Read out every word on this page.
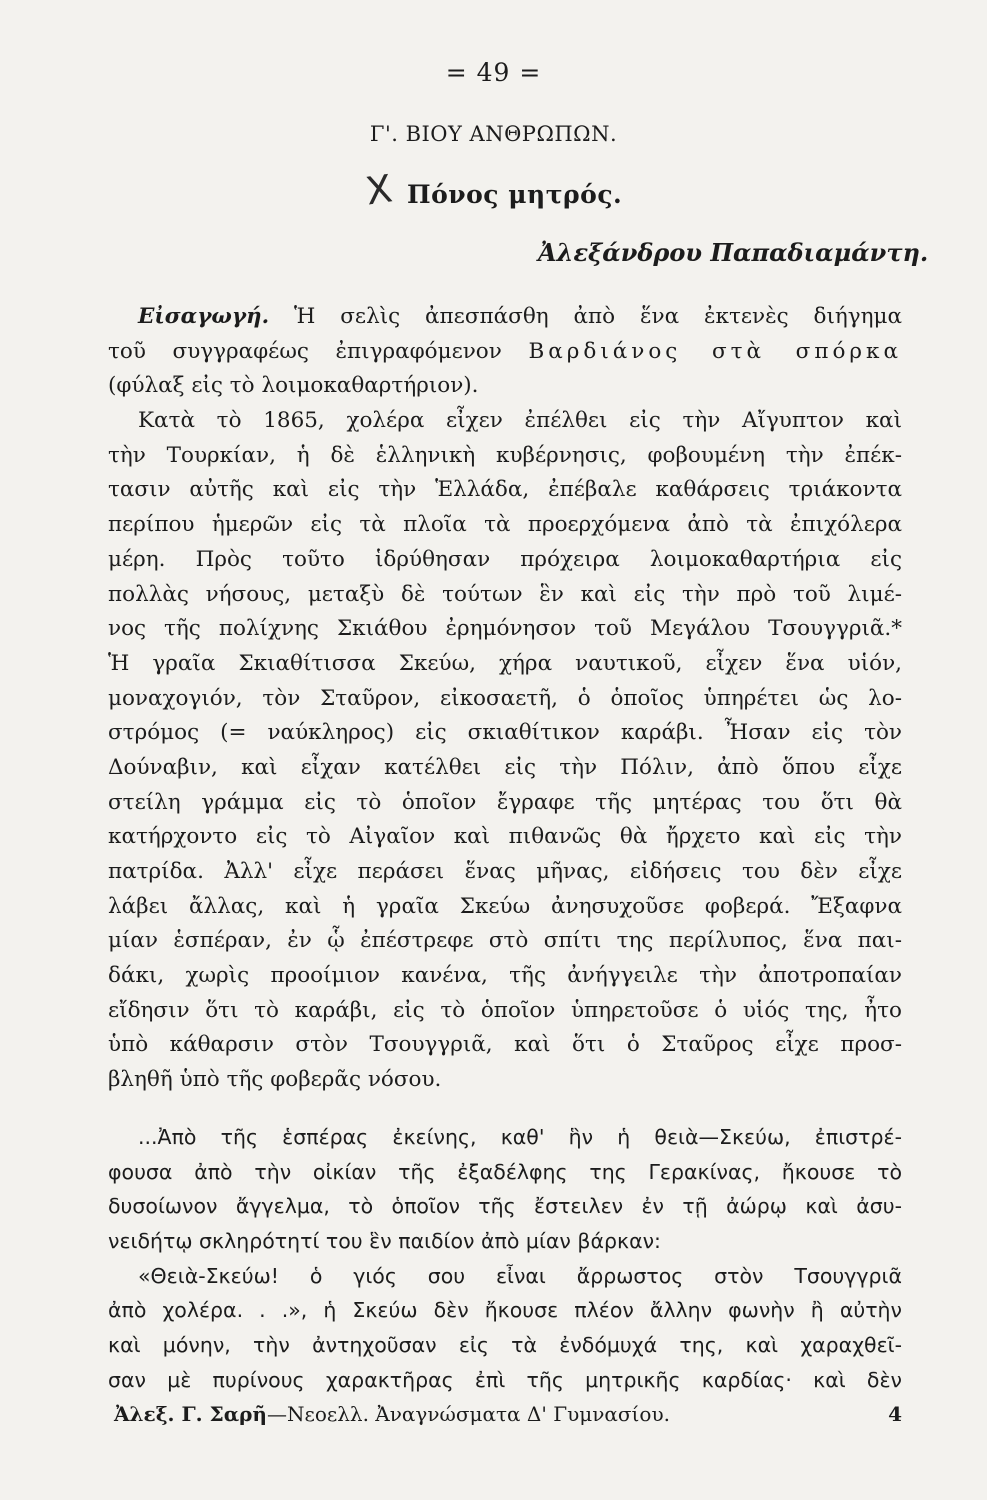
= 49 =
Γ'. ΒΙΟΥ ΑΝΘΡΩΠΩΝ.
X Πόνος μητρός.
Ἀλεξάνδρου Παπαδιαμάντη.
Εἰσαγωγή. Ἡ σελὶς ἀπεσπάσθη ἀπὸ ἕνα ἐκτενὲς διήγημα
τοῦ συγγραφέως ἐπιγραφόμενον Βαρδιάνος στὰ σπόρκα
(φύλαξ εἰς τὸ λοιμοκαθαρτήριον).
Κατὰ τὸ 1865, χολέρα εἶχεν ἐπέλθει εἰς τὴν Αἴγυπτον καὶ
τὴν Τουρκίαν, ἡ δὲ ἑλληνικὴ κυβέρνησις, φοβουμένη τὴν ἐπέκ-
τασιν αὐτῆς καὶ εἰς τὴν Ἑλλάδα, ἐπέβαλε καθάρσεις τριάκοντα
περίπου ἡμερῶν εἰς τὰ πλοῖα τὰ προερχόμενα ἀπὸ τὰ ἐπιχόλερα
μέρη. Πρὸς τοῦτο ἱδρύθησαν πρόχειρα λοιμοκαθαρτήρια εἰς
πολλὰς νήσους, μεταξὺ δὲ τούτων ἓν καὶ εἰς τὴν πρὸ τοῦ λιμέ-
νος τῆς πολίχνης Σκιάθου ἐρημόνησον τοῦ Μεγάλου Τσουγγριᾶ.*
Ἡ γραῖα Σκιαθίτισσα Σκεύω, χήρα ναυτικοῦ, εἶχεν ἕνα υἱόν,
μοναχογιόν, τὸν Σταῦρον, εἰκοσαετῆ, ὁ ὁποῖος ὑπηρέτει ὡς λο-
στρόμος (= ναύκληρος) εἰς σκιαθίτικον καράβι. Ἦσαν εἰς τὸν
Δούναβιν, καὶ εἶχαν κατέλθει εἰς τὴν Πόλιν, ἀπὸ ὅπου εἶχε
στείλη γράμμα εἰς τὸ ὁποῖον ἔγραφε τῆς μητέρας του ὅτι θὰ
κατήρχοντο εἰς τὸ Αἰγαῖον καὶ πιθανῶς θὰ ἤρχετο καὶ εἰς τὴν
πατρίδα. Ἀλλ' εἶχε περάσει ἕνας μῆνας, εἰδήσεις του δὲν εἶχε
λάβει ἄλλας, καὶ ἡ γραῖα Σκεύω ἀνησυχοῦσε φοβερά. Ἔξαφνα
μίαν ἑσπέραν, ἐν ᾧ ἐπέστρεφε στὸ σπίτι της περίλυπος, ἕνα παι-
δάκι, χωρὶς προοίμιον κανένα, τῆς ἀνήγγειλε τὴν ἀποτροπαίαν
εἴδησιν ὅτι τὸ καράβι, εἰς τὸ ὁποῖον ὑπηρετοῦσε ὁ υἱός της, ἦτο
ὑπὸ κάθαρσιν στὸν Τσουγγριᾶ, καὶ ὅτι ὁ Σταῦρος εἶχε προσ-
βληθῆ ὑπὸ τῆς φοβερᾶς νόσου.
...Ἀπὸ τῆς ἑσπέρας ἐκείνης, καθ' ἣν ἡ θειὰ—Σκεύω, ἐπιστρέ-
φουσα ἀπὸ τὴν οἰκίαν τῆς ἐξαδέλφης της Γερακίνας, ἤκουσε τὸ
δυσοίωνον ἄγγελμα, τὸ ὁποῖον τῆς ἔστειλεν ἐν τῇ ἀώρῳ καὶ ἀσυ-
νειδήτῳ σκληρότητί του ἓν παιδίον ἀπὸ μίαν βάρκαν:
«Θειὰ-Σκεύω! ὁ γιός σου εἶναι ἄρρωστος στὸν Τσουγγριᾶ
ἀπὸ χολέρα. . .», ἡ Σκεύω δὲν ἤκουσε πλέον ἄλλην φωνὴν ἢ αὐτὴν
καὶ μόνην, τὴν ἀντηχοῦσαν εἰς τὰ ἐνδόμυχά της, καὶ χαραχθεῖ-
σαν μὲ πυρίνους χαρακτῆρας ἐπὶ τῆς μητρικῆς καρδίας· καὶ δὲν
Ἀλεξ. Γ. Σαρῆ—Νεοελλ. Ἀναγνώσματα Δ' Γυμνασίου.	4
